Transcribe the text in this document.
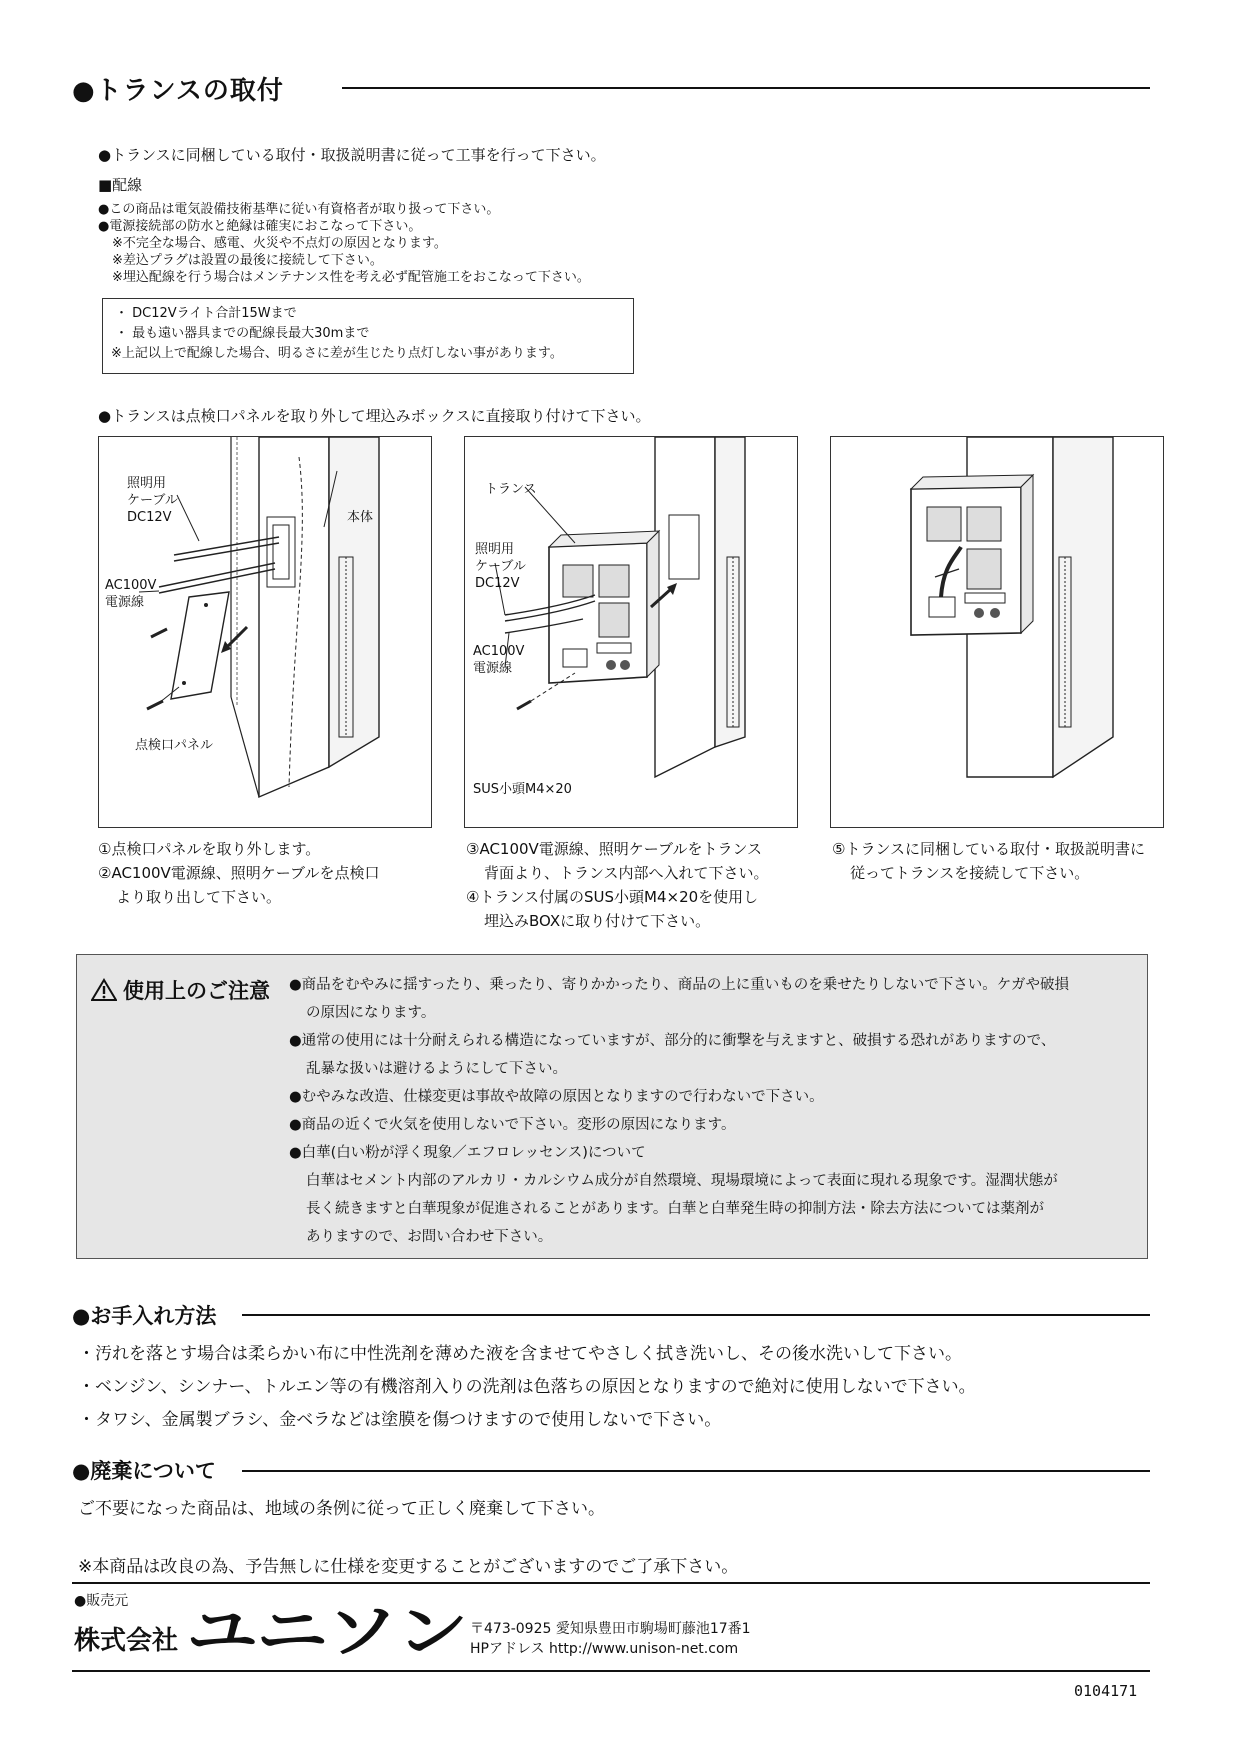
●トランスの取付
●トランスに同梱している取付・取扱説明書に従って工事を行って下さい。
■配線
●この商品は電気設備技術基準に従い有資格者が取り扱って下さい。
●電源接続部の防水と絶縁は確実におこなって下さい。
※不完全な場合、感電、火災や不点灯の原因となります。
※差込プラグは設置の最後に接続して下さい。
※埋込配線を行う場合はメンテナンス性を考え必ず配管施工をおこなって下さい。
・ DC12Vライト合計15Wまで
・ 最も遠い器具までの配線長最大30mまで
※上記以上で配線した場合、明るさに差が生じたり点灯しない事があります。
●トランスは点検口パネルを取り外して埋込みボックスに直接取り付けて下さい。
照明用
ケーブル
DC12V	本体
AC100V
電源線
点検口パネル
トランス
照明用
ケーブル
DC12V
AC100V
電源線
SUS小頭M4×20
①点検口パネルを取り外します。
②AC100V電源線、照明ケーブルを点検口
より取り出して下さい。
③AC100V電源線、照明ケーブルをトランス
背面より、トランス内部へ入れて下さい。
④トランス付属のSUS小頭M4×20を使用し
埋込みBOXに取り付けて下さい。
⑤トランスに同梱している取付・取扱説明書に
従ってトランスを接続して下さい。
使用上のご注意 ●商品をむやみに揺すったり、乗ったり、寄りかかったり、商品の上に重いものを乗せたりしないで下さい。ケガや破損
の原因になります。
●通常の使用には十分耐えられる構造になっていますが、部分的に衝撃を与えますと、破損する恐れがありますので、
乱暴な扱いは避けるようにして下さい。
●むやみな改造、仕様変更は事故や故障の原因となりますので行わないで下さい。
●商品の近くで火気を使用しないで下さい。変形の原因になります。
●白華(白い粉が浮く現象／エフロレッセンス)について
白華はセメント内部のアルカリ・カルシウム成分が自然環境、現場環境によって表面に現れる現象です。湿潤状態が
長く続きますと白華現象が促進されることがあります。白華と白華発生時の抑制方法・除去方法については薬剤が
ありますので、お問い合わせ下さい。
●お手入れ方法
・汚れを落とす場合は柔らかい布に中性洗剤を薄めた液を含ませてやさしく拭き洗いし、その後水洗いして下さい。
・ベンジン、シンナー、トルエン等の有機溶剤入りの洗剤は色落ちの原因となりますので絶対に使用しないで下さい。
・タワシ、金属製ブラシ、金ベラなどは塗膜を傷つけますので使用しないで下さい。
●廃棄について
ご不要になった商品は、地域の条例に従って正しく廃棄して下さい。
※本商品は改良の為、予告無しに仕様を変更することがございますのでご了承下さい。
●販売元
株式会社 ユニソン 〒473-0925 愛知県豊田市駒場町藤池17番1
HPアドレス http://www.unison-net.com
0104171
